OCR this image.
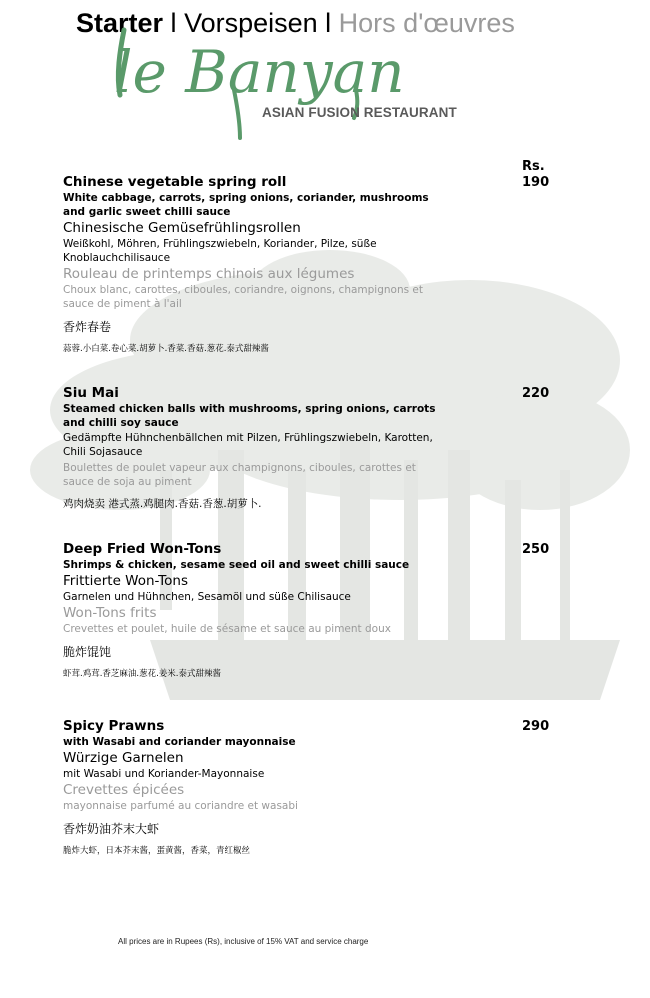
Starter l Vorspeisen l Hors d'œuvres
le Banyan
ASIAN FUSION RESTAURANT
Rs.
Chinese vegetable spring roll
White cabbage, carrots, spring onions, coriander, mushrooms and garlic sweet chilli sauce
Chinesische Gemüsefrühlingsrollen
Weißkohl, Möhren, Frühlingszwiebeln, Koriander, Pilze, süße Knoblauchchilisauce
Rouleau de printemps chinois aux légumes
Choux blanc, carottes, ciboules, coriandre, oignons, champignons et sauce de piment à l'ail
香炸春卷
蒜蓉.小白菜.卷心菜.胡萝卜.香菜.香菇.葱花.泰式甜辣酱
190
Siu Mai
Steamed chicken balls with mushrooms, spring onions, carrots and chilli soy sauce
Gedämpfte Hühnchenbällchen mit Pilzen, Frühlingszwiebeln, Karotten, Chili Sojasauce
Boulettes de poulet vapeur aux champignons, ciboules, carottes et sauce de soja au piment
鸡肉烧卖 港式蒸.鸡腿肉.香菇.香葱.胡萝卜.
220
Deep Fried Won-Tons
Shrimps & chicken, sesame seed oil and sweet chilli sauce
Frittierte Won-Tons
Garnelen und Hühnchen, Sesamöl und süße Chilisauce
Won-Tons frits
Crevettes et poulet, huile de sésame et sauce au piment doux
脆炸馄饨
虾茸.鸡茸.香芝麻油.葱花.姜米.泰式甜辣酱
250
Spicy Prawns
with Wasabi and coriander mayonnaise
Würzige Garnelen
mit Wasabi und Koriander-Mayonnaise
Crevettes épicées
mayonnaise parfumé au coriandre et wasabi
香炸奶油芥末大虾
脆炸大虾，日本芥末酱，蛋黄酱，香菜，青红椒丝
290
All prices are in Rupees (Rs), inclusive of 15% VAT and service charge
